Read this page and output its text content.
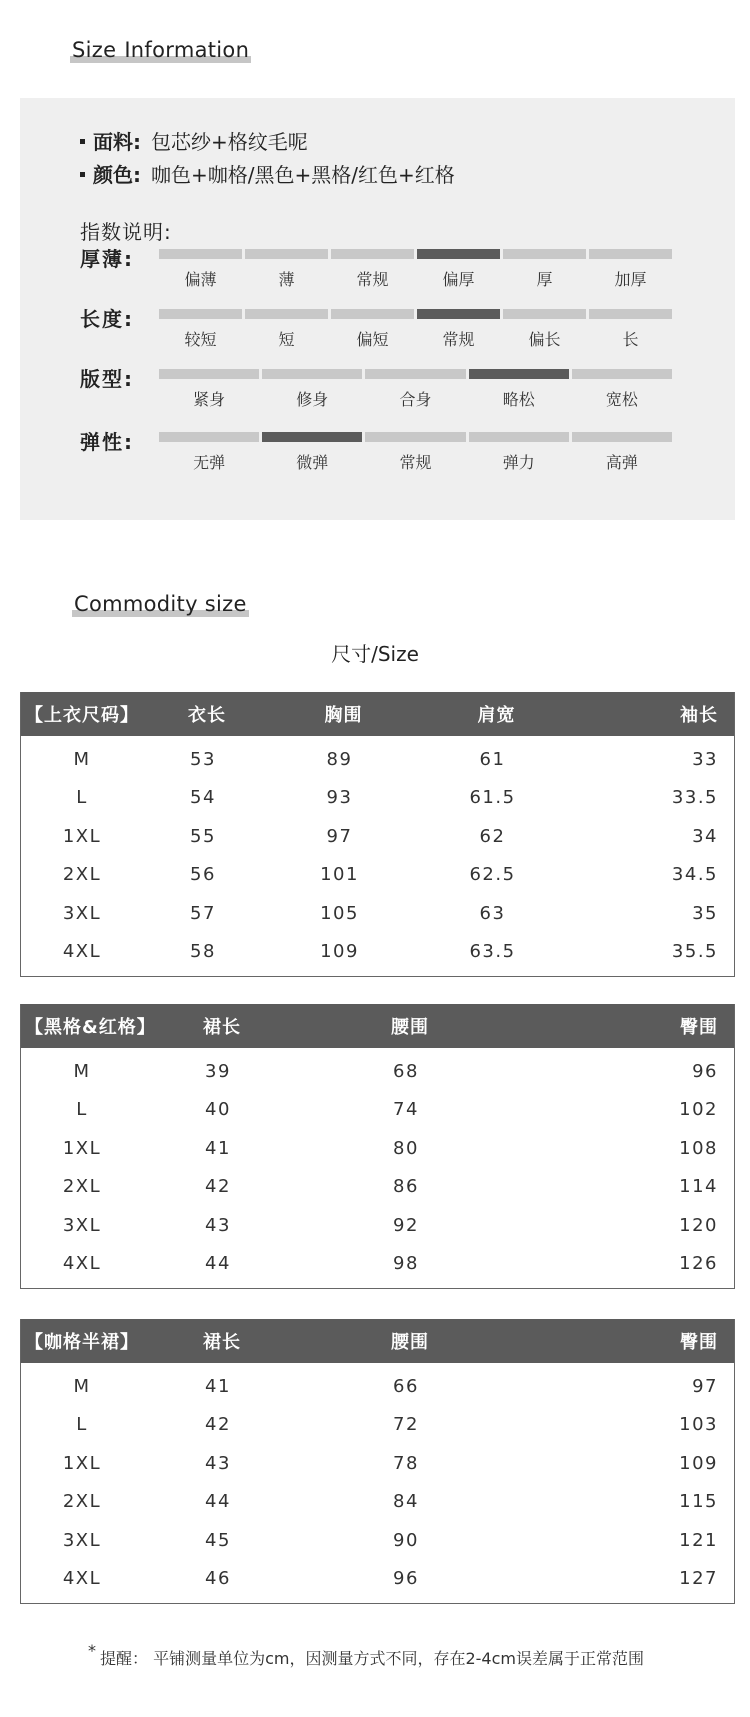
Size Information
面料: 包芯纱+格纹毛呢
颜色: 咖色+咖格/黑色+黑格/红色+红格
指数说明:
厚薄:
偏薄	薄	常规	偏厚	厚	加厚
长度:
较短	短	偏短	常规	偏长	长
版型:
紧身	修身	合身	略松	宽松
弹性:
无弹	微弹	常规	弹力	高弹
Commodity size
尺寸/Size
【上衣尺码】	衣长	胸围	肩宽	袖长
M	53	89	61	33
L	54	93	61.5	33.5
1XL	55	97	62	34
2XL	56	101	62.5	34.5
3XL	57	105	63	35
4XL	58	109	63.5	35.5
【黑格&红格】	裙长	腰围	臀围
M	39	68	96
L	40	74	102
1XL	41	80	108
2XL	42	86	114
3XL	43	92	120
4XL	44	98	126
【咖格半裙】	裙长	腰围	臀围
M	41	66	97
L	42	72	103
1XL	43	78	109
2XL	44	84	115
3XL	45	90	121
4XL	46	96	127
* 提醒： 平铺测量单位为cm，因测量方式不同，存在2-4cm误差属于正常范围
